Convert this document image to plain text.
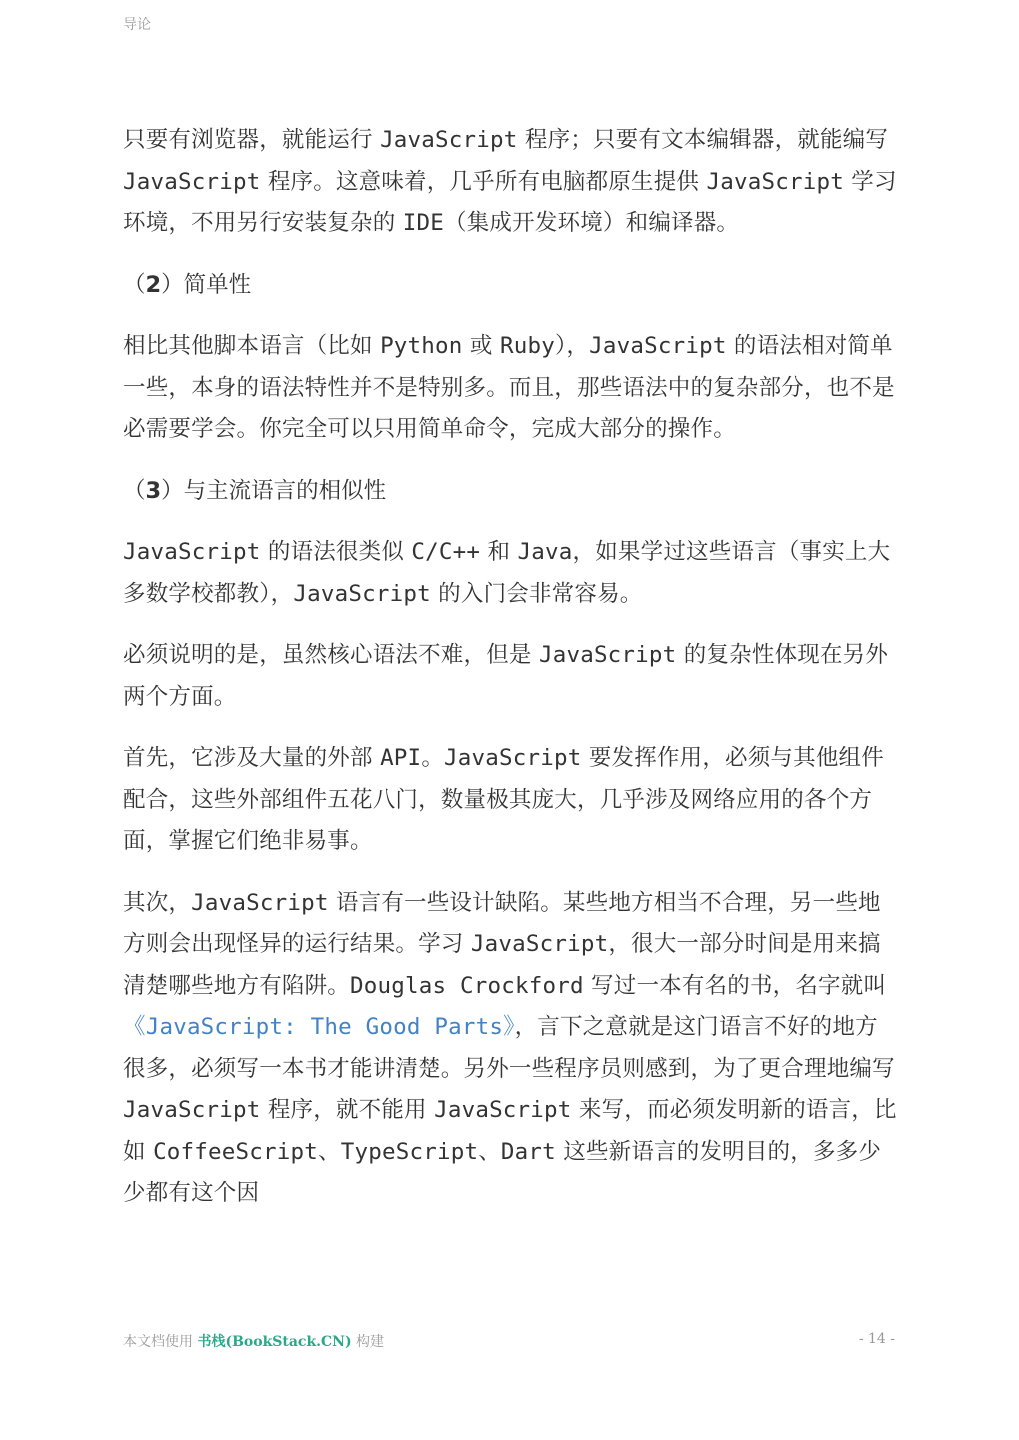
导论

只要有浏览器，就能运行 JavaScript 程序；只要有文本编辑器，就能编写 JavaScript 程序。这意味着，几乎所有电脑都原生提供 JavaScript 学习环境，不用另行安装复杂的 IDE（集成开发环境）和编译器。

（2）简单性

相比其他脚本语言（比如 Python 或 Ruby），JavaScript 的语法相对简单一些，本身的语法特性并不是特别多。而且，那些语法中的复杂部分，也不是必需要学会。你完全可以只用简单命令，完成大部分的操作。

（3）与主流语言的相似性

JavaScript 的语法很类似 C/C++ 和 Java，如果学过这些语言（事实上大多数学校都教），JavaScript 的入门会非常容易。

必须说明的是，虽然核心语法不难，但是 JavaScript 的复杂性体现在另外两个方面。

首先，它涉及大量的外部 API。JavaScript 要发挥作用，必须与其他组件配合，这些外部组件五花八门，数量极其庞大，几乎涉及网络应用的各个方面，掌握它们绝非易事。

其次，JavaScript 语言有一些设计缺陷。某些地方相当不合理，另一些地方则会出现怪异的运行结果。学习 JavaScript，很大一部分时间是用来搞清楚哪些地方有陷阱。Douglas Crockford 写过一本有名的书，名字就叫《JavaScript: The Good Parts》，言下之意就是这门语言不好的地方很多，必须写一本书才能讲清楚。另外一些程序员则感到，为了更合理地编写 JavaScript 程序，就不能用 JavaScript 来写，而必须发明新的语言，比如 CoffeeScript、TypeScript、Dart 这些新语言的发明目的，多多少少都有这个因

本文档使用 书栈(BookStack.CN) 构建	- 14 -
